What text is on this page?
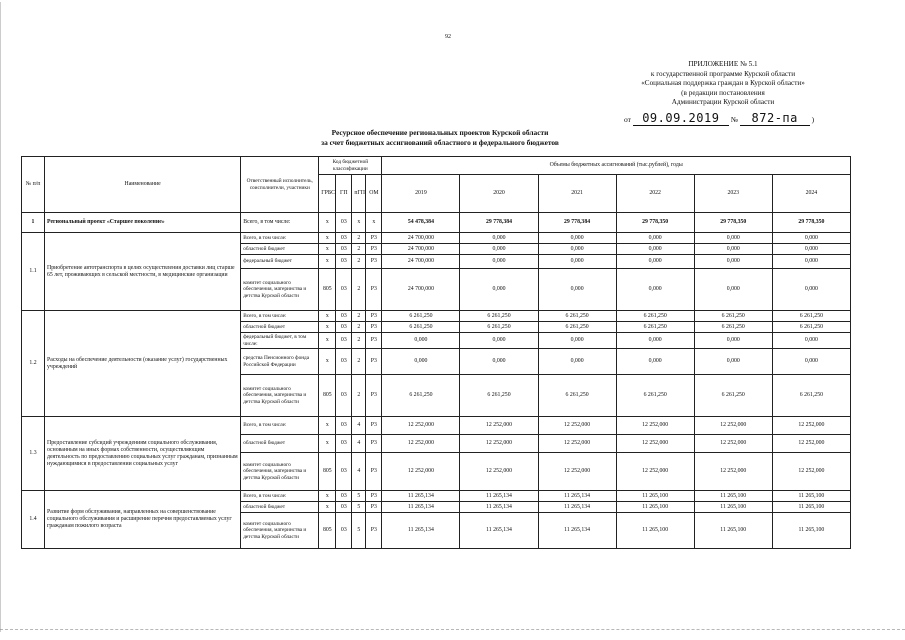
92
ПРИЛОЖЕНИЕ № 5.1
к государственной программе Курской области
«Социальная поддержка граждан в Курской области»
(в редакции постановления
Администрации Курской области
от 09.09.2019 № 872-па )
Ресурсное обеспечение региональных проектов Курской области
за счет бюджетных ассигнований областного и федерального бюджетов
№ п/п	Наименование	Ответственный исполнитель, соисполнители, участники	Код бюджетной классификации				Объемы бюджетных ассигнований (тыс.рублей), годы					
			ГРБС	ГП	пГП	ОМ	2019	2020	2021	2022	2023	2024
1	Региональный проект «Старшее поколение»	Всего, в том числе:	x	03	x	x	54 478,384	29 778,384	29 778,384	29 778,350	29 778,350	29 778,350
1.1	Приобретение автотранспорта в целях осуществления доставки лиц старше 65 лет, проживающих в сельской местности, в медицинские организации	Всего, в том числе:	x	03	2	P3	24 700,000	0,000	0,000	0,000	0,000	0,000
		областной бюджет	x	03	2	P3	24 700,000	0,000	0,000	0,000	0,000	0,000
		федеральный бюджет	x	03	2	P3	24 700,000	0,000	0,000	0,000	0,000	0,000
		комитет социального обеспечения, материнства и детства Курской области	805	03	2	P3	24 700,000	0,000	0,000	0,000	0,000	0,000
1.2	Расходы на обеспечение деятельности (оказание услуг) государственных учреждений	Всего, в том числе:	x	03	2	P3	6 261,250	6 261,250	6 261,250	6 261,250	6 261,250	6 261,250
		областной бюджет	x	03	2	P3	6 261,250	6 261,250	6 261,250	6 261,250	6 261,250	6 261,250
		федеральный бюджет, в том числе:	x	03	2	P3	0,000	0,000	0,000	0,000	0,000	0,000
		средства Пенсионного фонда Российской Федерации	x	03	2	P3	0,000	0,000	0,000	0,000	0,000	0,000
		комитет социального обеспечения, материнства и детства Курской области	805	03	2	P3	6 261,250	6 261,250	6 261,250	6 261,250	6 261,250	6 261,250
1.3	Предоставление субсидий учреждениям социального обслуживания, основанным на иных формах собственности, осуществляющим деятельность по предоставлению социальных услуг гражданам, признанным нуждающимися в предоставлении социальных услуг	Всего, в том числе:	x	03	4	P3	12 252,000	12 252,000	12 252,000	12 252,000	12 252,000	12 252,000
		областной бюджет	x	03	4	P3	12 252,000	12 252,000	12 252,000	12 252,000	12 252,000	12 252,000
		комитет социального обеспечения, материнства и детства Курской области	805	03	4	P3	12 252,000	12 252,000	12 252,000	12 252,000	12 252,000	12 252,000
1.4	Развитие форм обслуживания, направленных на совершенствование социального обслуживания и расширение перечня предоставляемых услуг гражданам пожилого возраста	Всего, в том числе:	x	03	5	P3	11 265,134	11 265,134	11 265,134	11 265,100	11 265,100	11 265,100
		областной бюджет	x	03	5	P3	11 265,134	11 265,134	11 265,134	11 265,100	11 265,100	11 265,100
		комитет социального обеспечения, материнства и детства Курской области	805	03	5	P3	11 265,134	11 265,134	11 265,134	11 265,100	11 265,100	11 265,100
